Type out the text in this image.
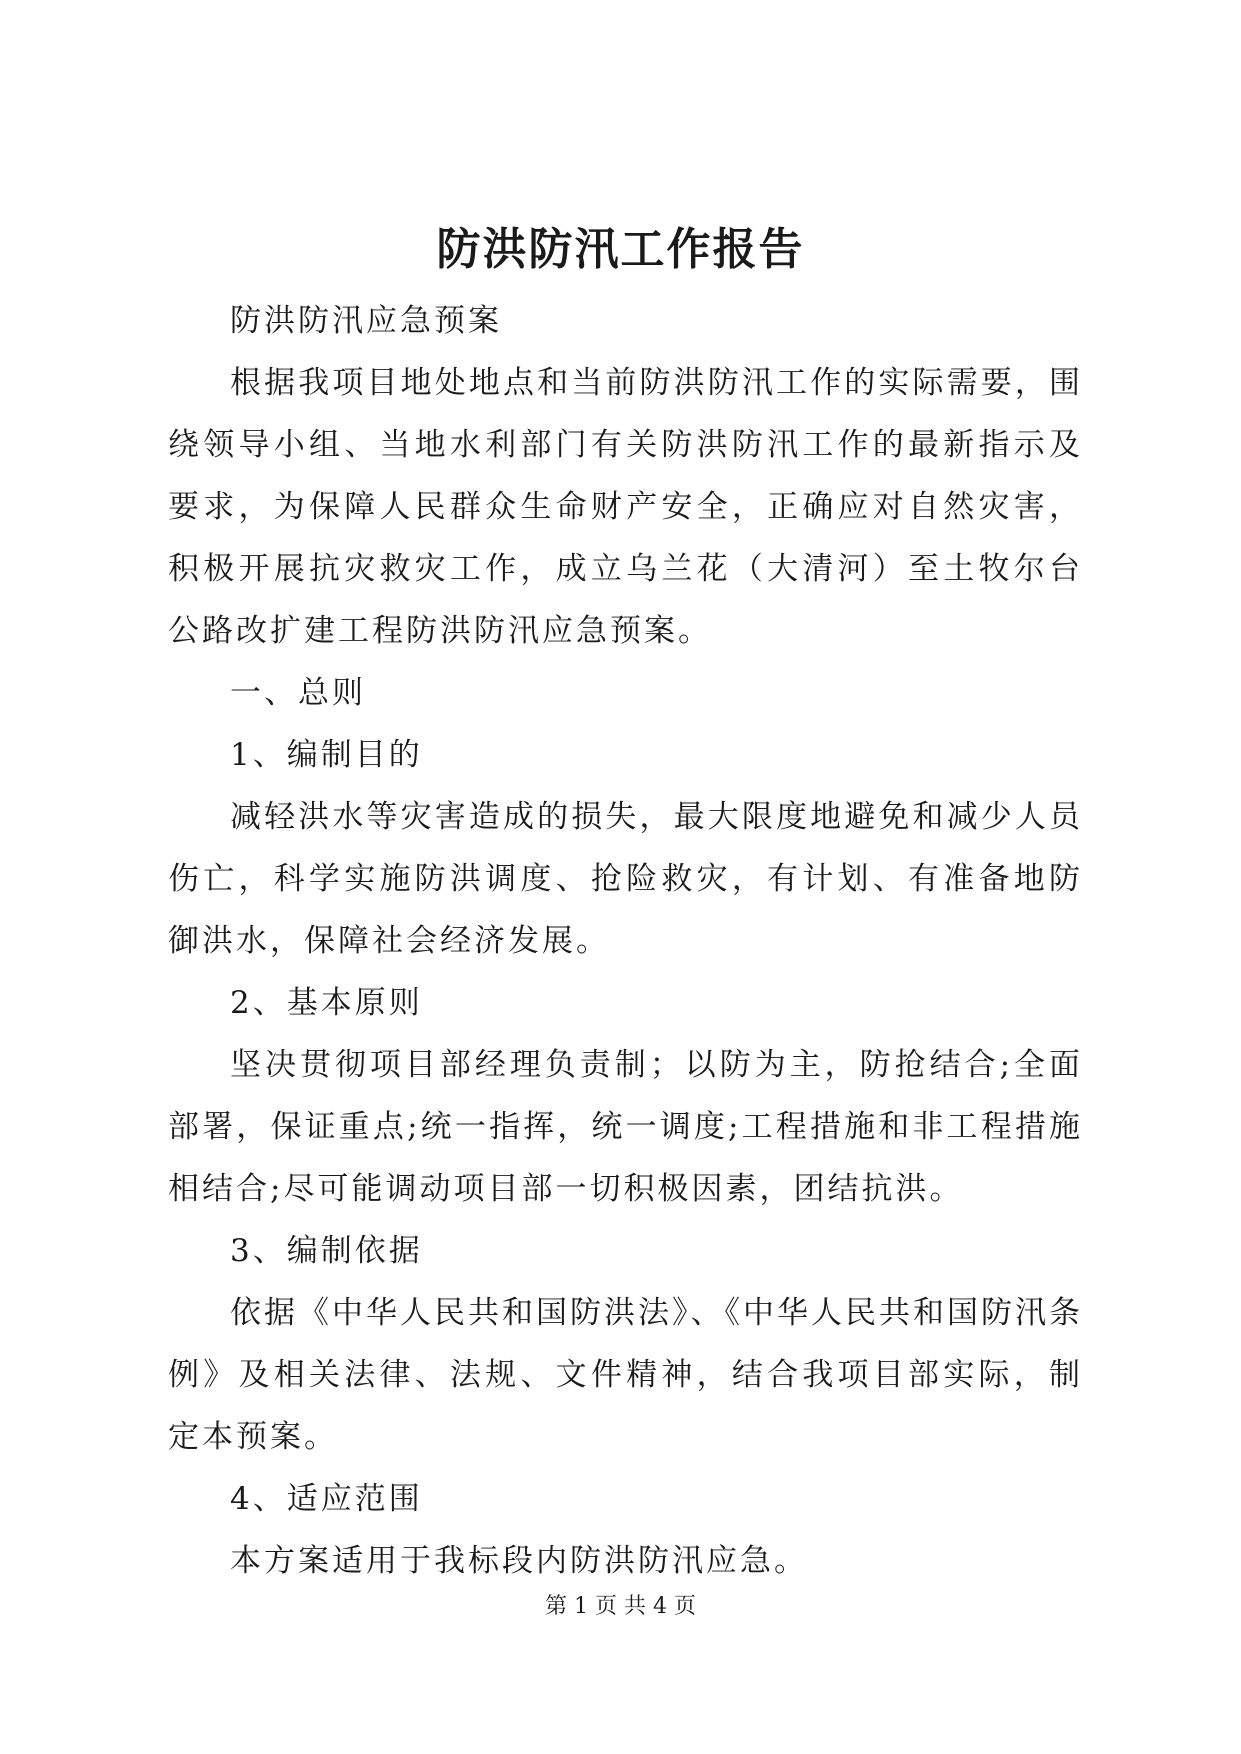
防洪防汛工作报告

防洪防汛应急预案

根据我项目地处地点和当前防洪防汛工作的实际需要，围绕领导小组、当地水利部门有关防洪防汛工作的最新指示及要求，为保障人民群众生命财产安全，正确应对自然灾害，积极开展抗灾救灾工作，成立乌兰花（大清河）至土牧尔台公路改扩建工程防洪防汛应急预案。

一、总则

1、编制目的

减轻洪水等灾害造成的损失，最大限度地避免和减少人员伤亡，科学实施防洪调度、抢险救灾，有计划、有准备地防御洪水，保障社会经济发展。

2、基本原则

坚决贯彻项目部经理负责制；以防为主，防抢结合;全面部署，保证重点;统一指挥，统一调度;工程措施和非工程措施相结合;尽可能调动项目部一切积极因素，团结抗洪。

3、编制依据

依据《中华人民共和国防洪法》、《中华人民共和国防汛条例》及相关法律、法规、文件精神，结合我项目部实际，制定本预案。

4、适应范围

本方案适用于我标段内防洪防汛应急。

第 1 页 共 4 页
